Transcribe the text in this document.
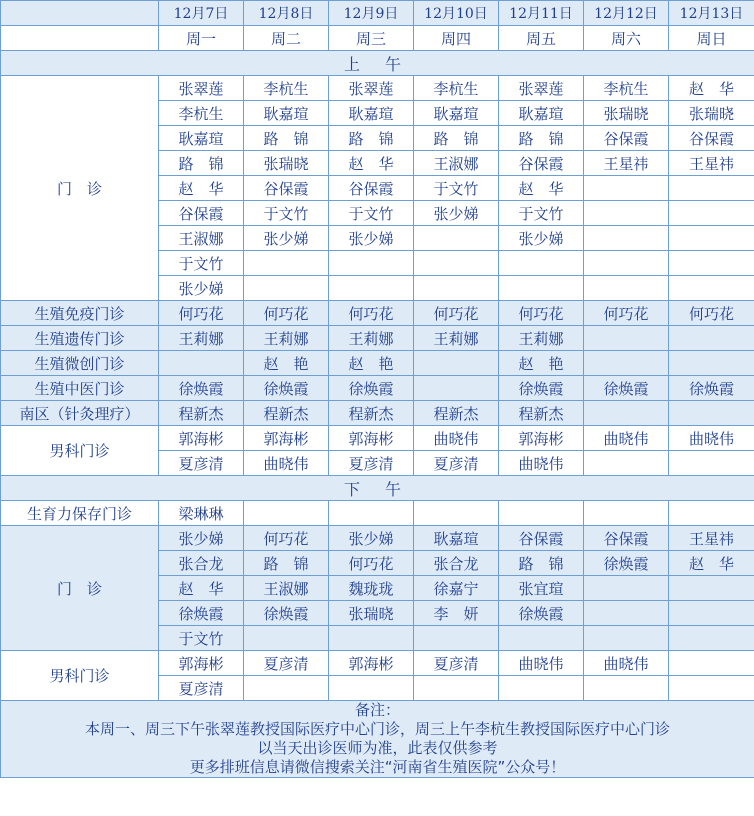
	12月7日	12月8日	12月9日	12月10日	12月11日	12月12日	12月13日
	周一	周二	周三	周四	周五	周六	周日
上 午							
门　诊	张翠莲	李杭生	张翠莲	李杭生	张翠莲	李杭生	赵　华
	李杭生	耿嘉瑄	耿嘉瑄	耿嘉瑄	耿嘉瑄	张瑞晓	张瑞晓
	耿嘉瑄	路　锦	路　锦	路　锦	路　锦	谷保霞	谷保霞
	路　锦	张瑞晓	赵　华	王淑娜	谷保霞	王星祎	王星祎
	赵　华	谷保霞	谷保霞	于文竹	赵　华		
	谷保霞	于文竹	于文竹	张少娣	于文竹		
	王淑娜	张少娣	张少娣		张少娣		
	于文竹						
	张少娣						
生殖免疫门诊	何巧花	何巧花	何巧花	何巧花	何巧花	何巧花	何巧花
生殖遗传门诊	王莉娜	王莉娜	王莉娜	王莉娜	王莉娜		
生殖微创门诊		赵　艳	赵　艳		赵　艳		
生殖中医门诊	徐焕霞	徐焕霞	徐焕霞		徐焕霞	徐焕霞	徐焕霞
南区（针灸理疗）	程新杰	程新杰	程新杰	程新杰	程新杰		
男科门诊	郭海彬	郭海彬	郭海彬	曲晓伟	郭海彬	曲晓伟	曲晓伟
	夏彦清	曲晓伟	夏彦清	夏彦清	曲晓伟		
下 午							
生育力保存门诊	梁琳琳						
门　诊	张少娣	何巧花	张少娣	耿嘉瑄	谷保霞	谷保霞	王星祎
	张合龙	路　锦	何巧花	张合龙	路　锦	徐焕霞	赵　华
	赵　华	王淑娜	魏珑珑	徐嘉宁	张宜瑄		
	徐焕霞	徐焕霞	张瑞晓	李　妍	徐焕霞		
	于文竹						
男科门诊	郭海彬	夏彦清	郭海彬	夏彦清	曲晓伟	曲晓伟	
	夏彦清						

备注：
本周一、周三下午张翠莲教授国际医疗中心门诊，周三上午李杭生教授国际医疗中心门诊
以当天出诊医师为准，此表仅供参考
更多排班信息请微信搜索关注“河南省生殖医院”公众号！							
